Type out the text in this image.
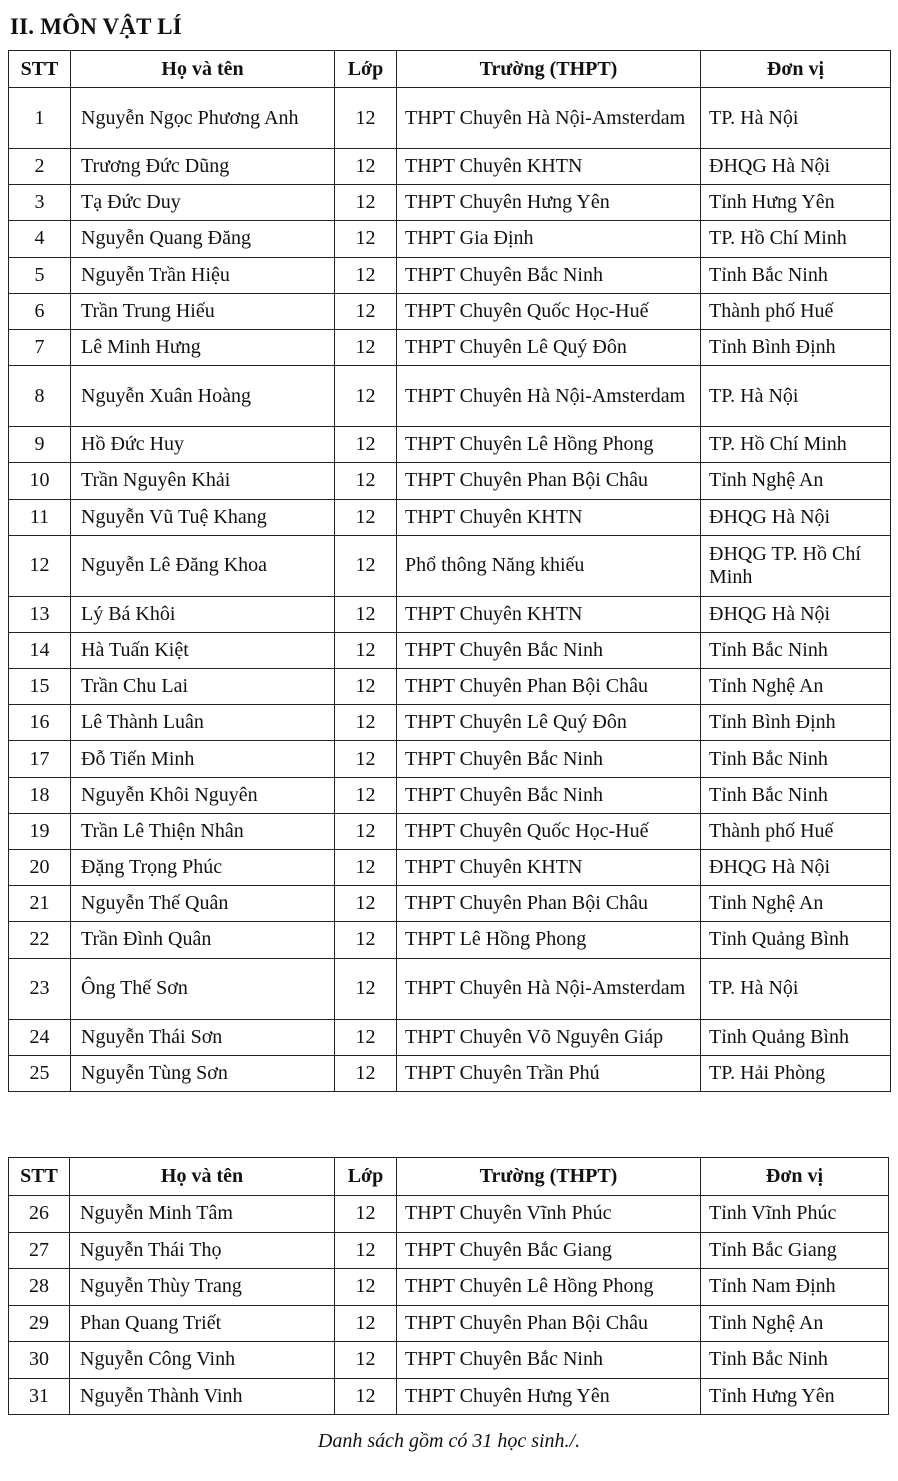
II. MÔN VẬT LÍ
STT	Họ và tên	Lớp	Trường (THPT)	Đơn vị
1	Nguyễn Ngọc Phương Anh	12	THPT Chuyên Hà Nội-Amsterdam	TP. Hà Nội
2	Trương Đức Dũng	12	THPT Chuyên KHTN	ĐHQG Hà Nội
3	Tạ Đức Duy	12	THPT Chuyên Hưng Yên	Tỉnh Hưng Yên
4	Nguyễn Quang Đăng	12	THPT Gia Định	TP. Hồ Chí Minh
5	Nguyễn Trần Hiệu	12	THPT Chuyên Bắc Ninh	Tỉnh Bắc Ninh
6	Trần Trung Hiếu	12	THPT Chuyên Quốc Học-Huế	Thành phố Huế
7	Lê Minh Hưng	12	THPT Chuyên Lê Quý Đôn	Tỉnh Bình Định
8	Nguyễn Xuân Hoàng	12	THPT Chuyên Hà Nội-Amsterdam	TP. Hà Nội
9	Hồ Đức Huy	12	THPT Chuyên Lê Hồng Phong	TP. Hồ Chí Minh
10	Trần Nguyên Khải	12	THPT Chuyên Phan Bội Châu	Tỉnh Nghệ An
11	Nguyễn Vũ Tuệ Khang	12	THPT Chuyên KHTN	ĐHQG Hà Nội
12	Nguyễn Lê Đăng Khoa	12	Phổ thông Năng khiếu	ĐHQG TP. Hồ Chí Minh
13	Lý Bá Khôi	12	THPT Chuyên KHTN	ĐHQG Hà Nội
14	Hà Tuấn Kiệt	12	THPT Chuyên Bắc Ninh	Tỉnh Bắc Ninh
15	Trần Chu Lai	12	THPT Chuyên Phan Bội Châu	Tỉnh Nghệ An
16	Lê Thành Luân	12	THPT Chuyên Lê Quý Đôn	Tỉnh Bình Định
17	Đỗ Tiến Minh	12	THPT Chuyên Bắc Ninh	Tỉnh Bắc Ninh
18	Nguyễn Khôi Nguyên	12	THPT Chuyên Bắc Ninh	Tỉnh Bắc Ninh
19	Trần Lê Thiện Nhân	12	THPT Chuyên Quốc Học-Huế	Thành phố Huế
20	Đặng Trọng Phúc	12	THPT Chuyên KHTN	ĐHQG Hà Nội
21	Nguyễn Thế Quân	12	THPT Chuyên Phan Bội Châu	Tỉnh Nghệ An
22	Trần Đình Quân	12	THPT Lê Hồng Phong	Tỉnh Quảng Bình
23	Ông Thế Sơn	12	THPT Chuyên Hà Nội-Amsterdam	TP. Hà Nội
24	Nguyễn Thái Sơn	12	THPT Chuyên Võ Nguyên Giáp	Tỉnh Quảng Bình
25	Nguyễn Tùng Sơn	12	THPT Chuyên Trần Phú	TP. Hải Phòng
STT	Họ và tên	Lớp	Trường (THPT)	Đơn vị
26	Nguyễn Minh Tâm	12	THPT Chuyên Vĩnh Phúc	Tỉnh Vĩnh Phúc
27	Nguyễn Thái Thọ	12	THPT Chuyên Bắc Giang	Tỉnh Bắc Giang
28	Nguyễn Thùy Trang	12	THPT Chuyên Lê Hồng Phong	Tỉnh Nam Định
29	Phan Quang Triết	12	THPT Chuyên Phan Bội Châu	Tỉnh Nghệ An
30	Nguyễn Công Vinh	12	THPT Chuyên Bắc Ninh	Tỉnh Bắc Ninh
31	Nguyễn Thành Vinh	12	THPT Chuyên Hưng Yên	Tỉnh Hưng Yên
Danh sách gồm có 31 học sinh./.
